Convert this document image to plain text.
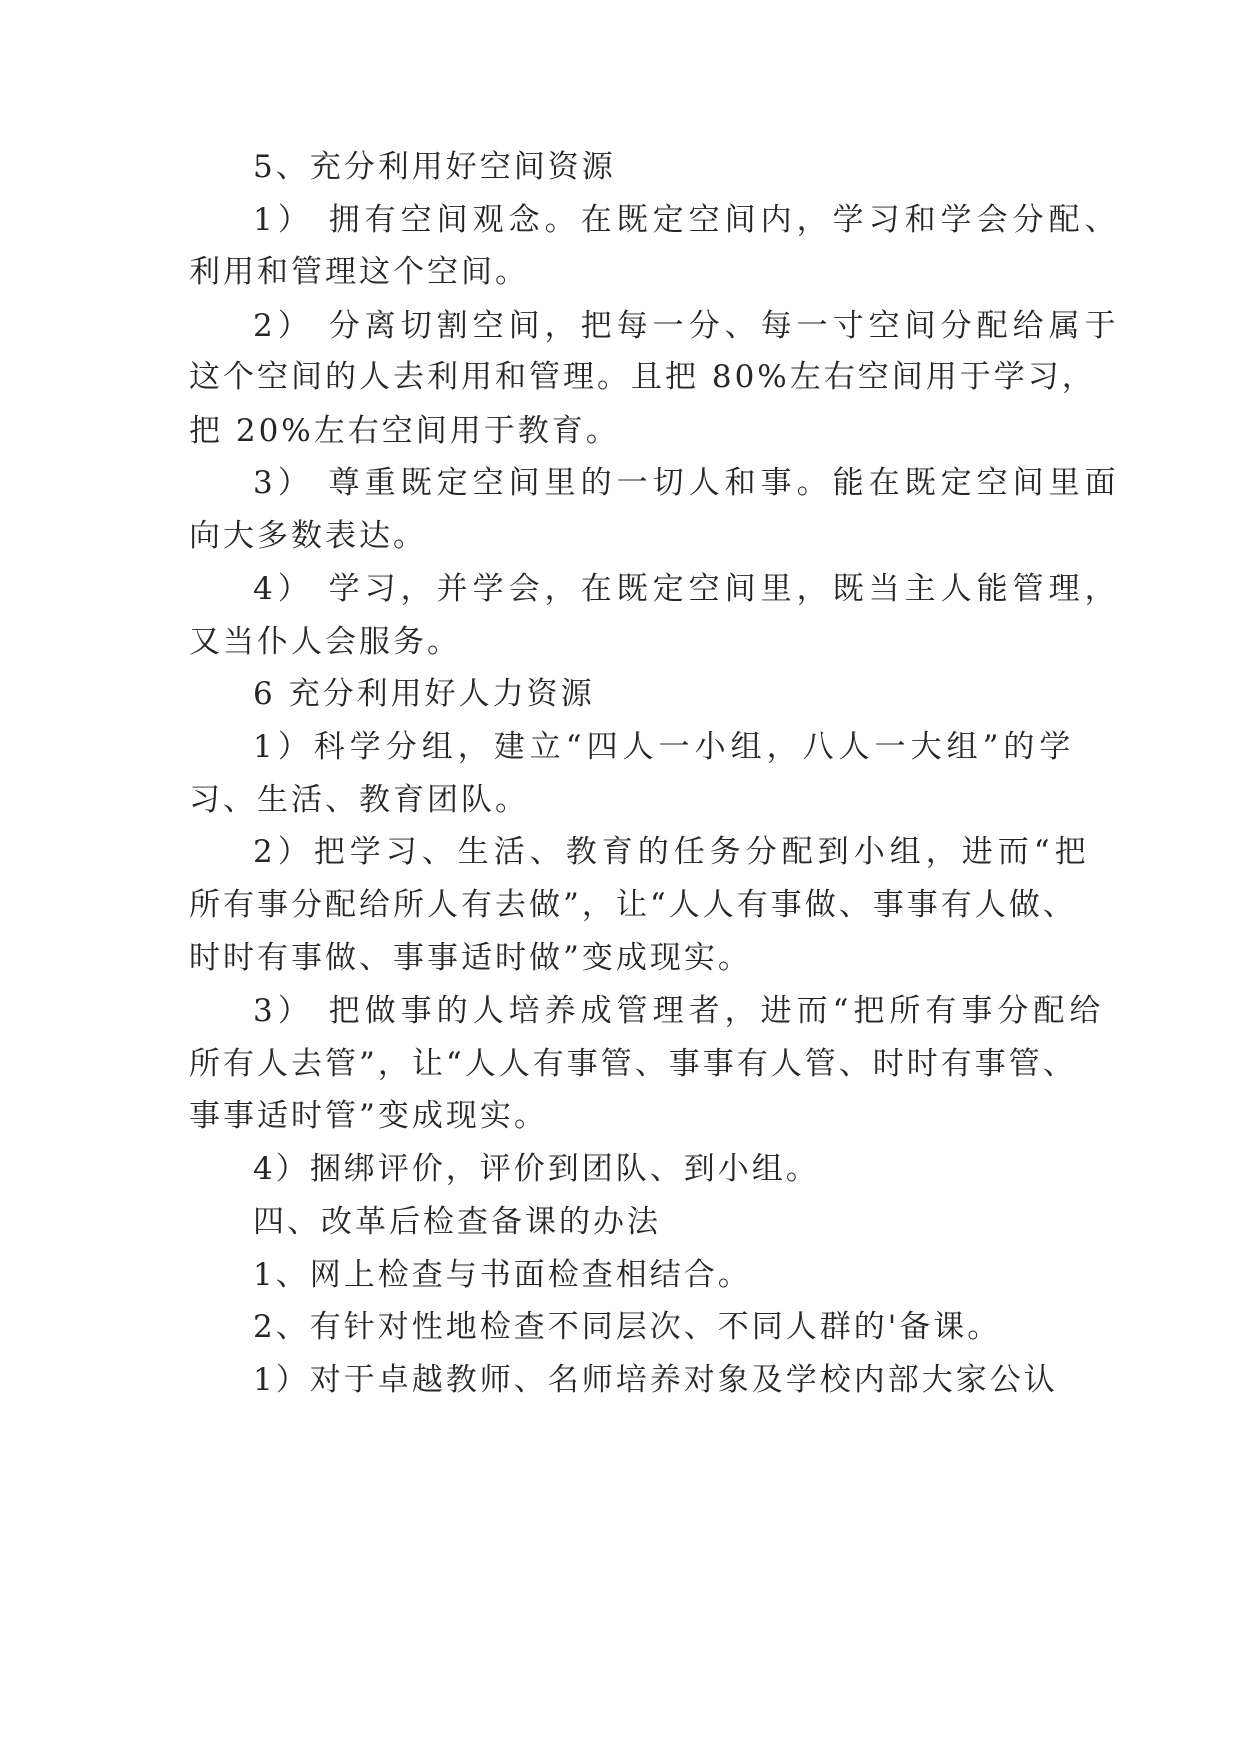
5、充分利用好空间资源
1） 拥有空间观念。在既定空间内，学习和学会分配、
利用和管理这个空间。
2） 分离切割空间，把每一分、每一寸空间分配给属于
这个空间的人去利用和管理。且把 80%左右空间用于学习，
把 20%左右空间用于教育。
3） 尊重既定空间里的一切人和事。能在既定空间里面
向大多数表达。
4） 学习，并学会，在既定空间里，既当主人能管理，
又当仆人会服务。
6 充分利用好人力资源
1）科学分组，建立“四人一小组，八人一大组”的学
习、生活、教育团队。
2）把学习、生活、教育的任务分配到小组，进而“把
所有事分配给所人有去做”，让“人人有事做、事事有人做、
时时有事做、事事适时做”变成现实。
3） 把做事的人培养成管理者，进而“把所有事分配给
所有人去管”，让“人人有事管、事事有人管、时时有事管、
事事适时管”变成现实。
4）捆绑评价，评价到团队、到小组。
四、改革后检查备课的办法
1、网上检查与书面检查相结合。
2、有针对性地检查不同层次、不同人群的'备课。
1）对于卓越教师、名师培养对象及学校内部大家公认
